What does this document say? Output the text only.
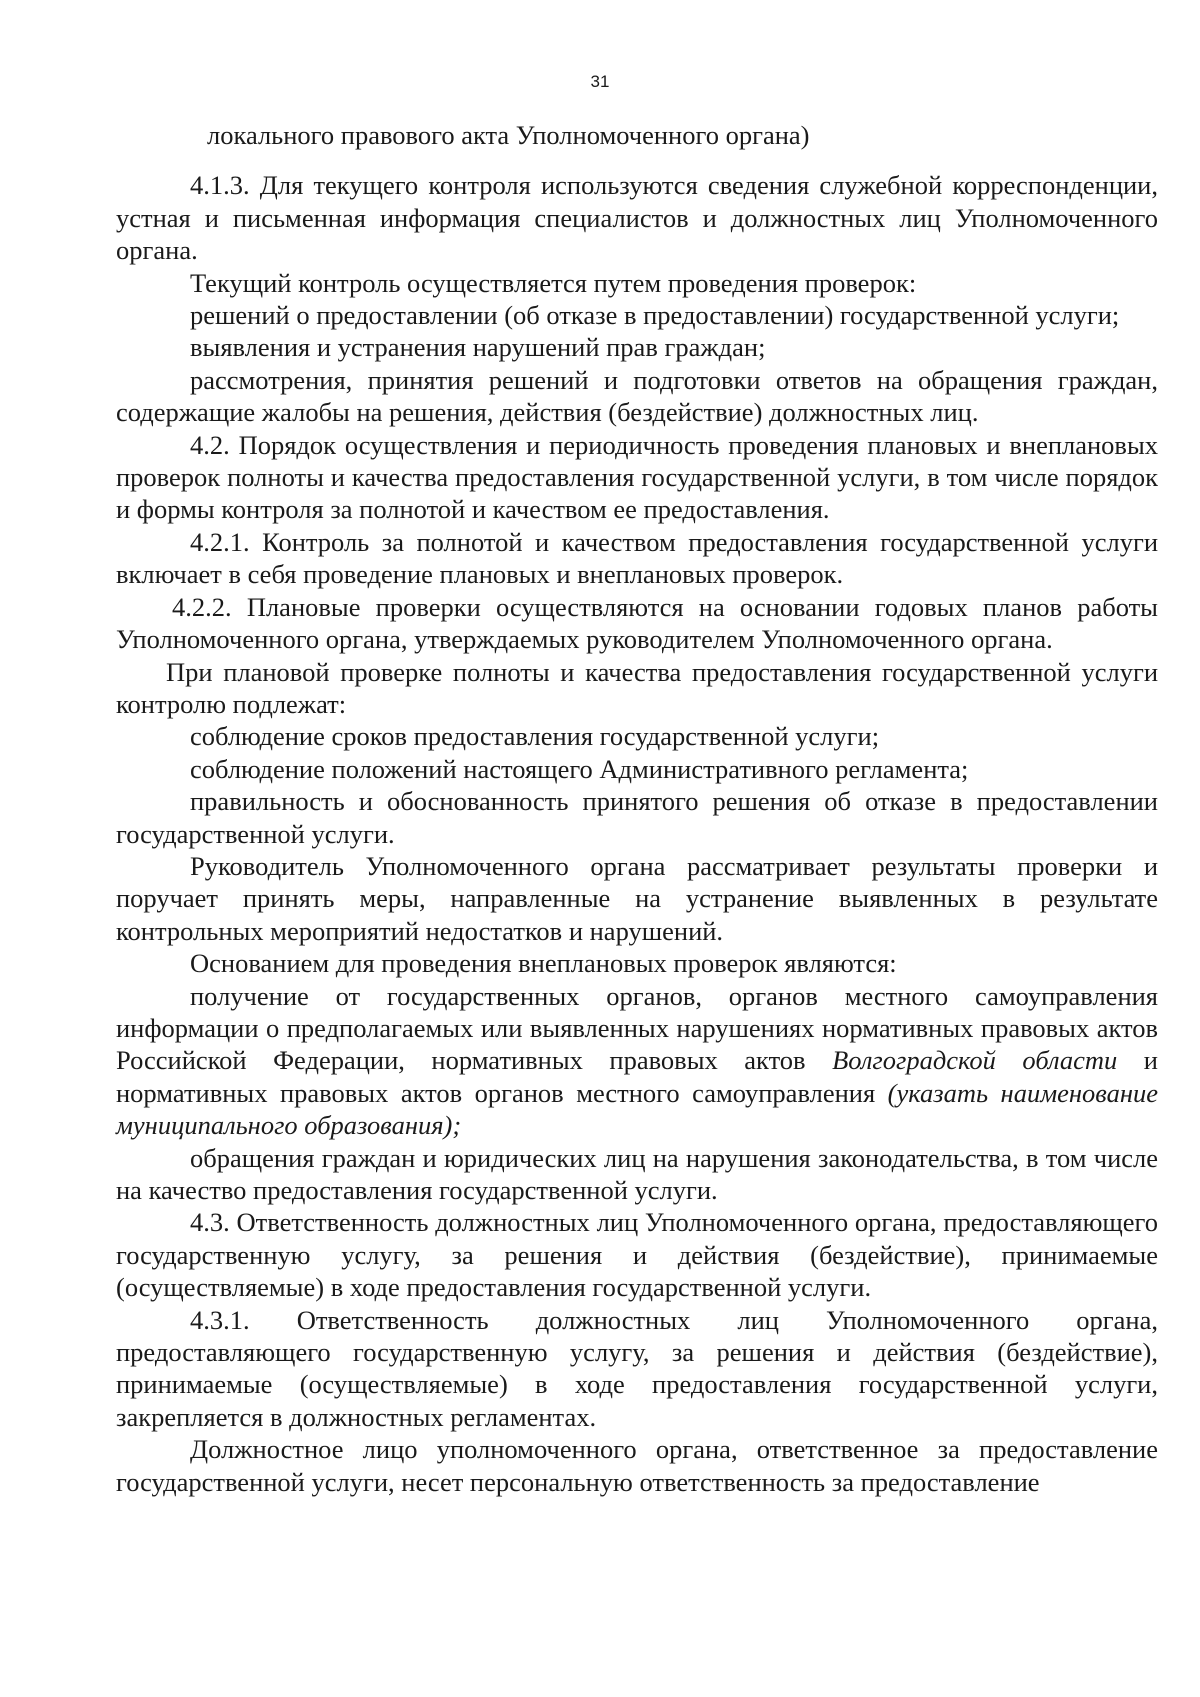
31

локального правового акта Уполномоченного органа)

4.1.3. Для текущего контроля используются сведения служебной корреспонденции, устная и письменная информация специалистов и должностных лиц Уполномоченного органа.

Текущий контроль осуществляется путем проведения проверок:

решений о предоставлении (об отказе в предоставлении) государственной услуги;

выявления и устранения нарушений прав граждан;

рассмотрения, принятия решений и подготовки ответов на обращения граждан, содержащие жалобы на решения, действия (бездействие) должностных лиц.

4.2. Порядок осуществления и периодичность проведения плановых и внеплановых проверок полноты и качества предоставления государственной услуги, в том числе порядок и формы контроля за полнотой и качеством ее предоставления.

4.2.1. Контроль за полнотой и качеством предоставления государственной услуги включает в себя проведение плановых и внеплановых проверок.

4.2.2. Плановые проверки осуществляются на основании годовых планов работы Уполномоченного органа, утверждаемых руководителем Уполномоченного органа.

При плановой проверке полноты и качества предоставления государственной услуги контролю подлежат:

соблюдение сроков предоставления государственной услуги;

соблюдение положений настоящего Административного регламента;

правильность и обоснованность принятого решения об отказе в предоставлении государственной услуги.

Руководитель Уполномоченного органа рассматривает результаты проверки и поручает принять меры, направленные на устранение выявленных в результате контрольных мероприятий недостатков и нарушений.

Основанием для проведения внеплановых проверок являются:

получение от государственных органов, органов местного самоуправления информации о предполагаемых или выявленных нарушениях нормативных правовых актов Российской Федерации, нормативных правовых актов Волгоградской области и нормативных правовых актов органов местного самоуправления (указать наименование муниципального образования);

обращения граждан и юридических лиц на нарушения законодательства, в том числе на качество предоставления государственной услуги.

4.3. Ответственность должностных лиц Уполномоченного органа, предоставляющего государственную услугу, за решения и действия (бездействие), принимаемые (осуществляемые) в ходе предоставления государственной услуги.

4.3.1. Ответственность должностных лиц Уполномоченного органа, предоставляющего государственную услугу, за решения и действия (бездействие), принимаемые (осуществляемые) в ходе предоставления государственной услуги, закрепляется в должностных регламентах.

Должностное лицо уполномоченного органа, ответственное за предоставление государственной услуги, несет персональную ответственность за предоставление
